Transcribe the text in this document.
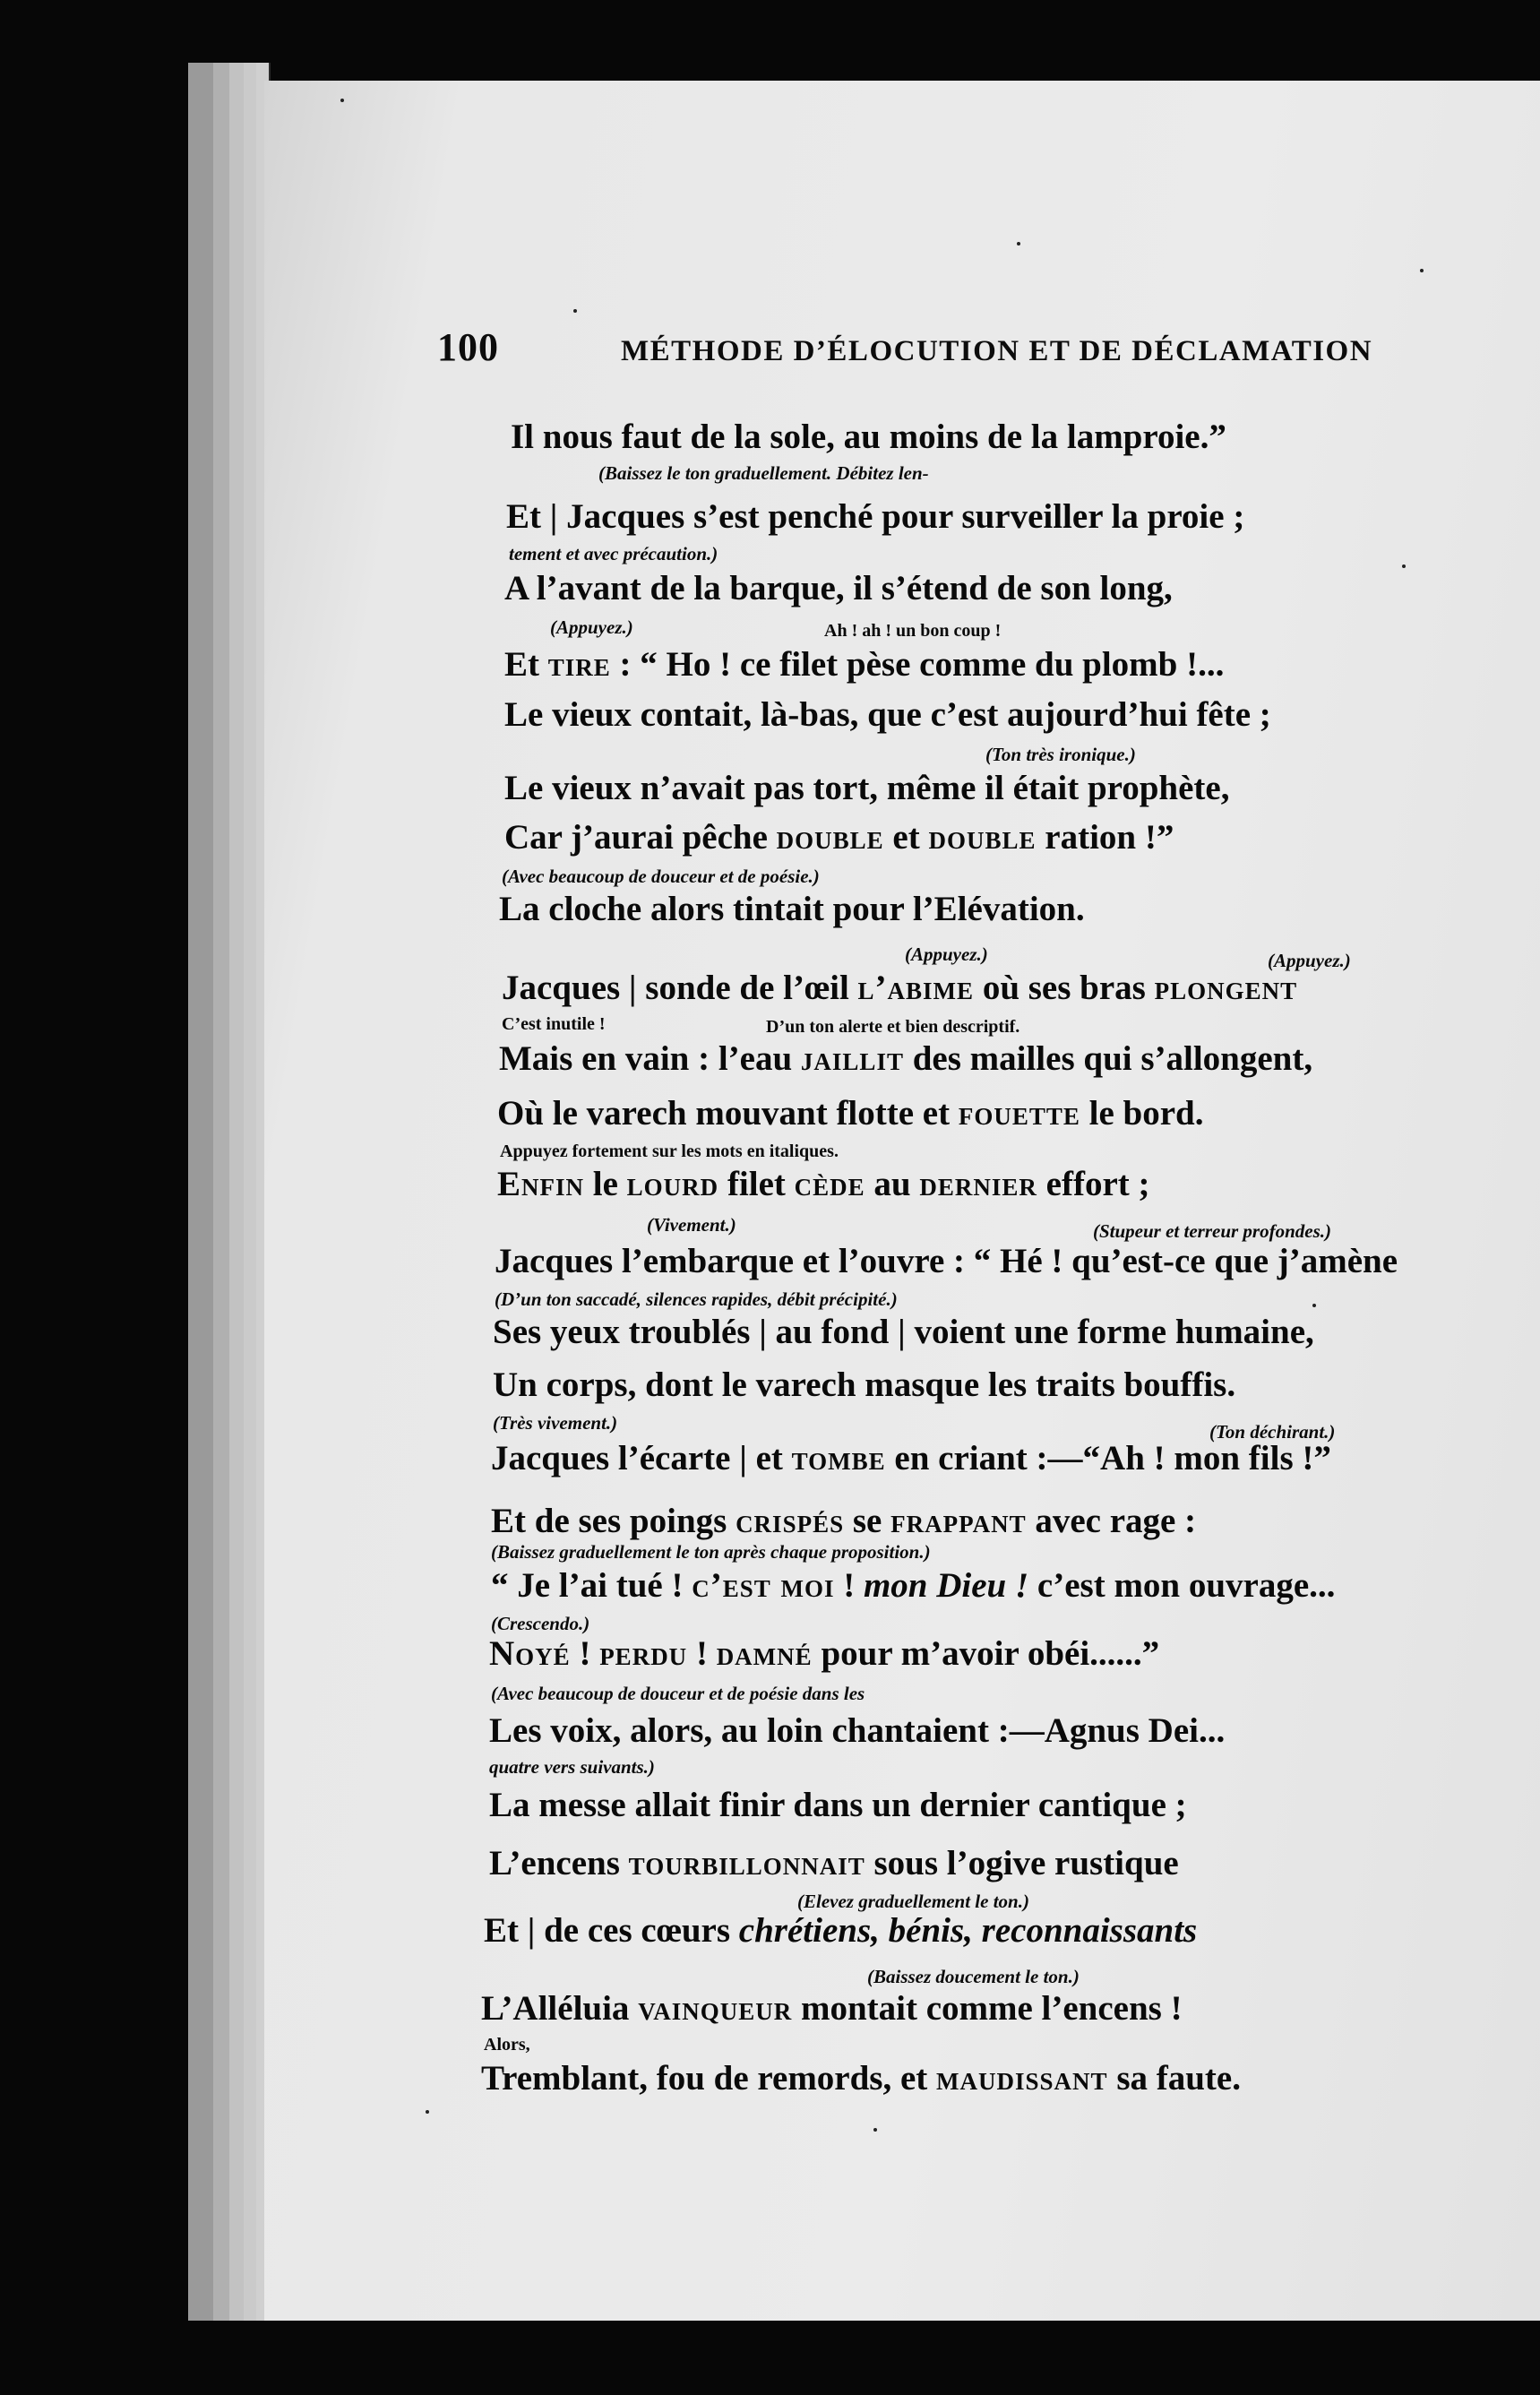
100	MÉTHODE D’ÉLOCUTION ET DE DÉCLAMATION
Il nous faut de la sole, au moins de la lamproie.”
(Baissez le ton graduellement. Débitez len-
Et | Jacques s’est penché pour surveiller la proie ;
tement et avec précaution.)
A l’avant de la barque, il s’étend de son long,
(Appuyez.)	Ah ! ah ! un bon coup !
Et tire : “ Ho ! ce filet pèse comme du plomb !...
Le vieux contait, là-bas, que c’est aujourd’hui fête ;
(Ton très ironique.)
Le vieux n’avait pas tort, même il était prophète,
Car j’aurai pêche double et double ration !”
(Avec beaucoup de douceur et de poésie.)
La cloche alors tintait pour l’Elévation.
(Appuyez.)	(Appuyez.)
Jacques | sonde de l’œil l’abime où ses bras plongent
C’est inutile !	D’un ton alerte et bien descriptif.
Mais en vain : l’eau jaillit des mailles qui s’allongent,
Où le varech mouvant flotte et fouette le bord.
Appuyez fortement sur les mots en italiques.
Enfin le lourd filet cède au dernier effort ;
(Vivement.)	(Stupeur et terreur profondes.)
Jacques l’embarque et l’ouvre : “ Hé ! qu’est-ce que j’amène
(D’un ton saccadé, silences rapides, débit précipité.)
Ses yeux troublés | au fond | voient une forme humaine,
Un corps, dont le varech masque les traits bouffis.
(Très vivement.)	(Ton déchirant.)
Jacques l’écarte | et tombe en criant :—“Ah ! mon fils !”
Et de ses poings crispés se frappant avec rage :
(Baissez graduellement le ton après chaque proposition.)
“ Je l’ai tué ! c’est moi ! mon Dieu ! c’est mon ouvrage...
(Crescendo.)
Noyé ! perdu ! damné pour m’avoir obéi......”
(Avec beaucoup de douceur et de poésie dans les
Les voix, alors, au loin chantaient :—Agnus Dei...
quatre vers suivants.)
La messe allait finir dans un dernier cantique ;
L’encens tourbillonnait sous l’ogive rustique
(Elevez graduellement le ton.)
Et | de ces cœurs chrétiens, bénis, reconnaissants
(Baissez doucement le ton.)
L’Alléluia vainqueur montait comme l’encens !
Alors,
Tremblant, fou de remords, et maudissant sa faute.
